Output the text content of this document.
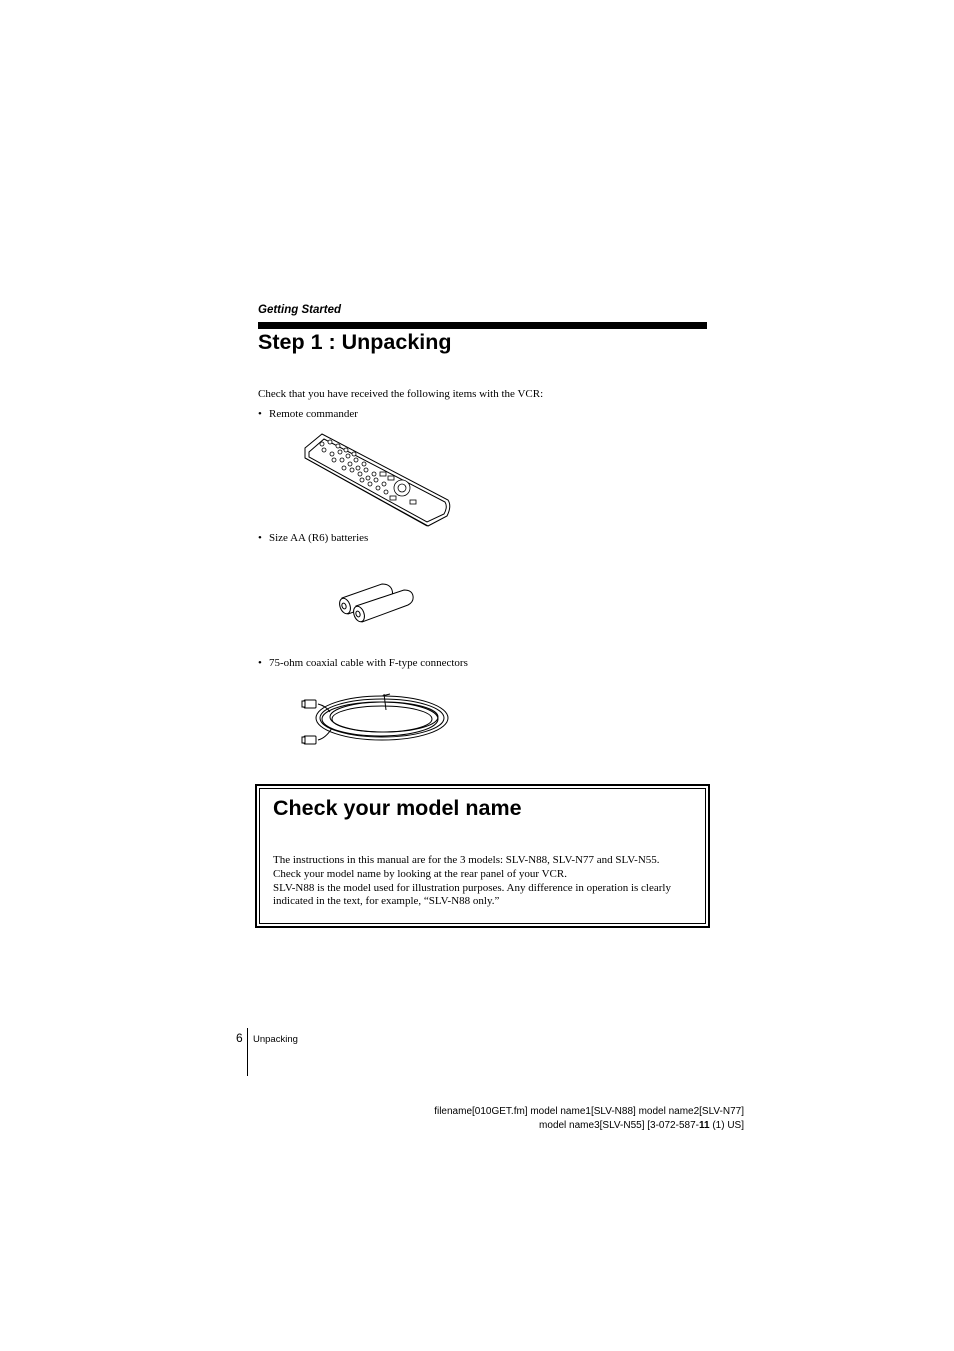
Getting Started
Step 1 : Unpacking
Check that you have received the following items with the VCR:
• Remote commander
• Size AA (R6) batteries
• 75-ohm coaxial cable with F-type connectors
Check your model name
The instructions in this manual are for the 3 models: SLV-N88, SLV-N77 and SLV-N55.
Check your model name by looking at the rear panel of your VCR.
SLV-N88 is the model used for illustration purposes. Any difference in operation is clearly
indicated in the text, for example, “SLV-N88 only.”
6 Unpacking
filename[010GET.fm] model name1[SLV-N88] model name2[SLV-N77]
model name3[SLV-N55] [3-072-587-11 (1) US]
